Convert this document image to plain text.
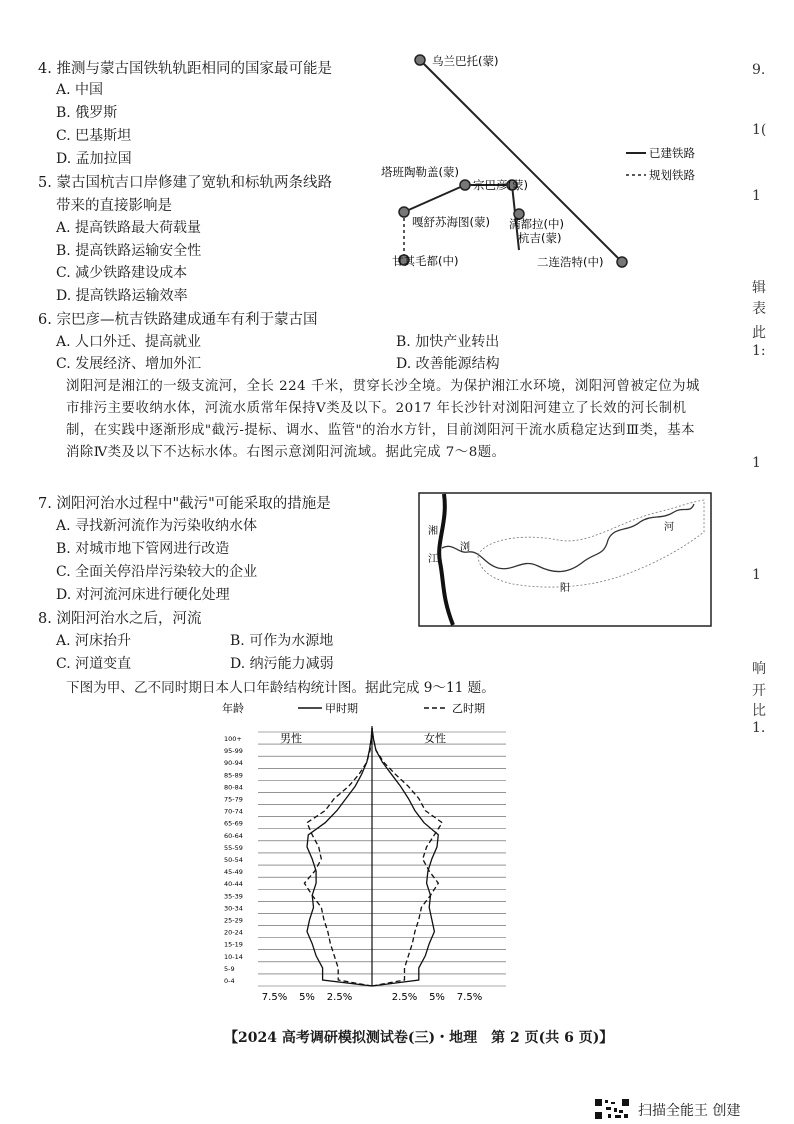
4. 推测与蒙古国铁轨轨距相同的国家最可能是
A. 中国
B. 俄罗斯
C. 巴基斯坦
D. 孟加拉国
5. 蒙古国杭吉口岸修建了宽轨和标轨两条线路
带来的直接影响是
A. 提高铁路最大荷载量
B. 提高铁路运输安全性
C. 减少铁路建设成本
D. 提高铁路运输效率
6. 宗巴彦—杭吉铁路建成通车有利于蒙古国
A. 人口外迁、提高就业	B. 加快产业转出
C. 发展经济、增加外汇	D. 改善能源结构
浏阳河是湘江的一级支流河，全长 224 千米，贯穿长沙全境。为保护湘江水环境，浏阳河曾被定位为城市排污主要收纳水体，河流水质常年保持Ⅴ类及以下。2017 年长沙针对浏阳河建立了长效的河长制机制，在实践中逐渐形成"截污-提标、调水、监管"的治水方针，目前浏阳河干流水质稳定达到Ⅲ类，基本消除Ⅳ类及以下不达标水体。右图示意浏阳河流域。据此完成 7～8题。
7. 浏阳河治水过程中"截污"可能采取的措施是
A. 寻找新河流作为污染收纳水体
B. 对城市地下管网进行改造
C. 全面关停沿岸污染较大的企业
D. 对河流河床进行硬化处理
8. 浏阳河治水之后，河流
A. 河床抬升	B. 可作为水源地
C. 河道变直	D. 纳污能力减弱
下图为甲、乙不同时期日本人口年龄结构统计图。据此完成 9～11 题。
乌兰巴托(蒙)
塔班陶勒盖(蒙)
宗巴彦(蒙)
嘎舒苏海图(蒙) 满都拉(中)
杭吉(蒙)
甘其毛都(中)	二连浩特(中)
已建铁路
规划铁路
湘
江
浏
阳
河
年龄	甲时期	乙时期
男性	女性
0-4
5-9
10-14
15-19
20-24
25-29
30-34
35-39
40-44
45-49
50-54
55-59
60-64
65-69
70-74
75-79
80-84
85-89
90-94
95-99
100+
7.5% 5% 2.5%	2.5% 5% 7.5%
【2024 高考调研模拟测试卷(三)・地理　第 2 页(共 6 页)】
扫描全能王 创建
9.
1(
1
辑
表
此
1:
1
1
响
开
比
1.
